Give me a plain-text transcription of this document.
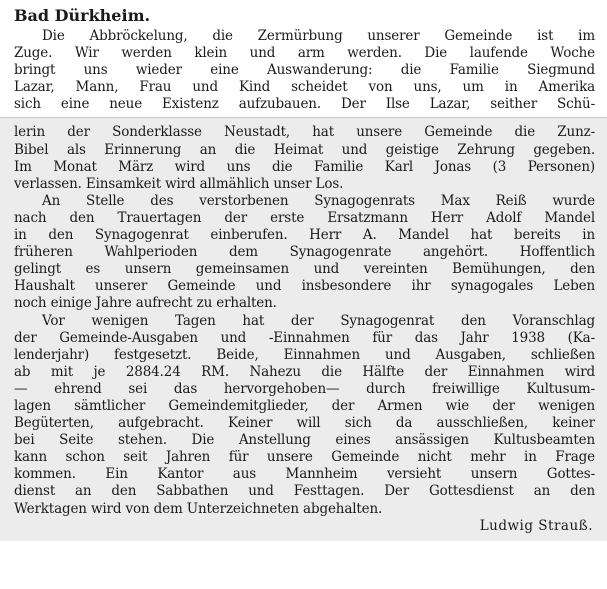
Bad Dürkheim.
Die Abbröckelung, die Zermürbung unserer Gemeinde ist im
Zuge. Wir werden klein und arm werden. Die laufende Woche
bringt uns wieder eine Auswanderung: die Familie Siegmund
Lazar, Mann, Frau und Kind scheidet von uns, um in Amerika
sich eine neue Existenz aufzubauen. Der Ilse Lazar, seither Schü-
lerin der Sonderklasse Neustadt, hat unsere Gemeinde die Zunz-
Bibel als Erinnerung an die Heimat und geistige Zehrung gegeben.
Im Monat März wird uns die Familie Karl Jonas (3 Personen)
verlassen. Einsamkeit wird allmählich unser Los.
An Stelle des verstorbenen Synagogenrats Max Reiß wurde
nach den Trauertagen der erste Ersatzmann Herr Adolf Mandel
in den Synagogenrat einberufen. Herr A. Mandel hat bereits in
früheren Wahlperioden dem Synagogenrate angehört. Hoffentlich
gelingt es unsern gemeinsamen und vereinten Bemühungen, den
Haushalt unserer Gemeinde und insbesondere ihr synagogales Leben
noch einige Jahre aufrecht zu erhalten.
Vor wenigen Tagen hat der Synagogenrat den Voranschlag
der Gemeinde-Ausgaben und -Einnahmen für das Jahr 1938 (Ka-
lenderjahr) festgesetzt. Beide, Einnahmen und Ausgaben, schließen
ab mit je 2884.24 RM. Nahezu die Hälfte der Einnahmen wird
— ehrend sei das hervorgehoben— durch freiwillige Kultusum-
lagen sämtlicher Gemeindemitglieder, der Armen wie der wenigen
Begüterten, aufgebracht. Keiner will sich da ausschließen, keiner
bei Seite stehen. Die Anstellung eines ansässigen Kultusbeamten
kann schon seit Jahren für unsere Gemeinde nicht mehr in Frage
kommen. Ein Kantor aus Mannheim versieht unsern Gottes-
dienst an den Sabbathen und Festtagen. Der Gottesdienst an den
Werktagen wird von dem Unterzeichneten abgehalten.
Ludwig Strauß.
